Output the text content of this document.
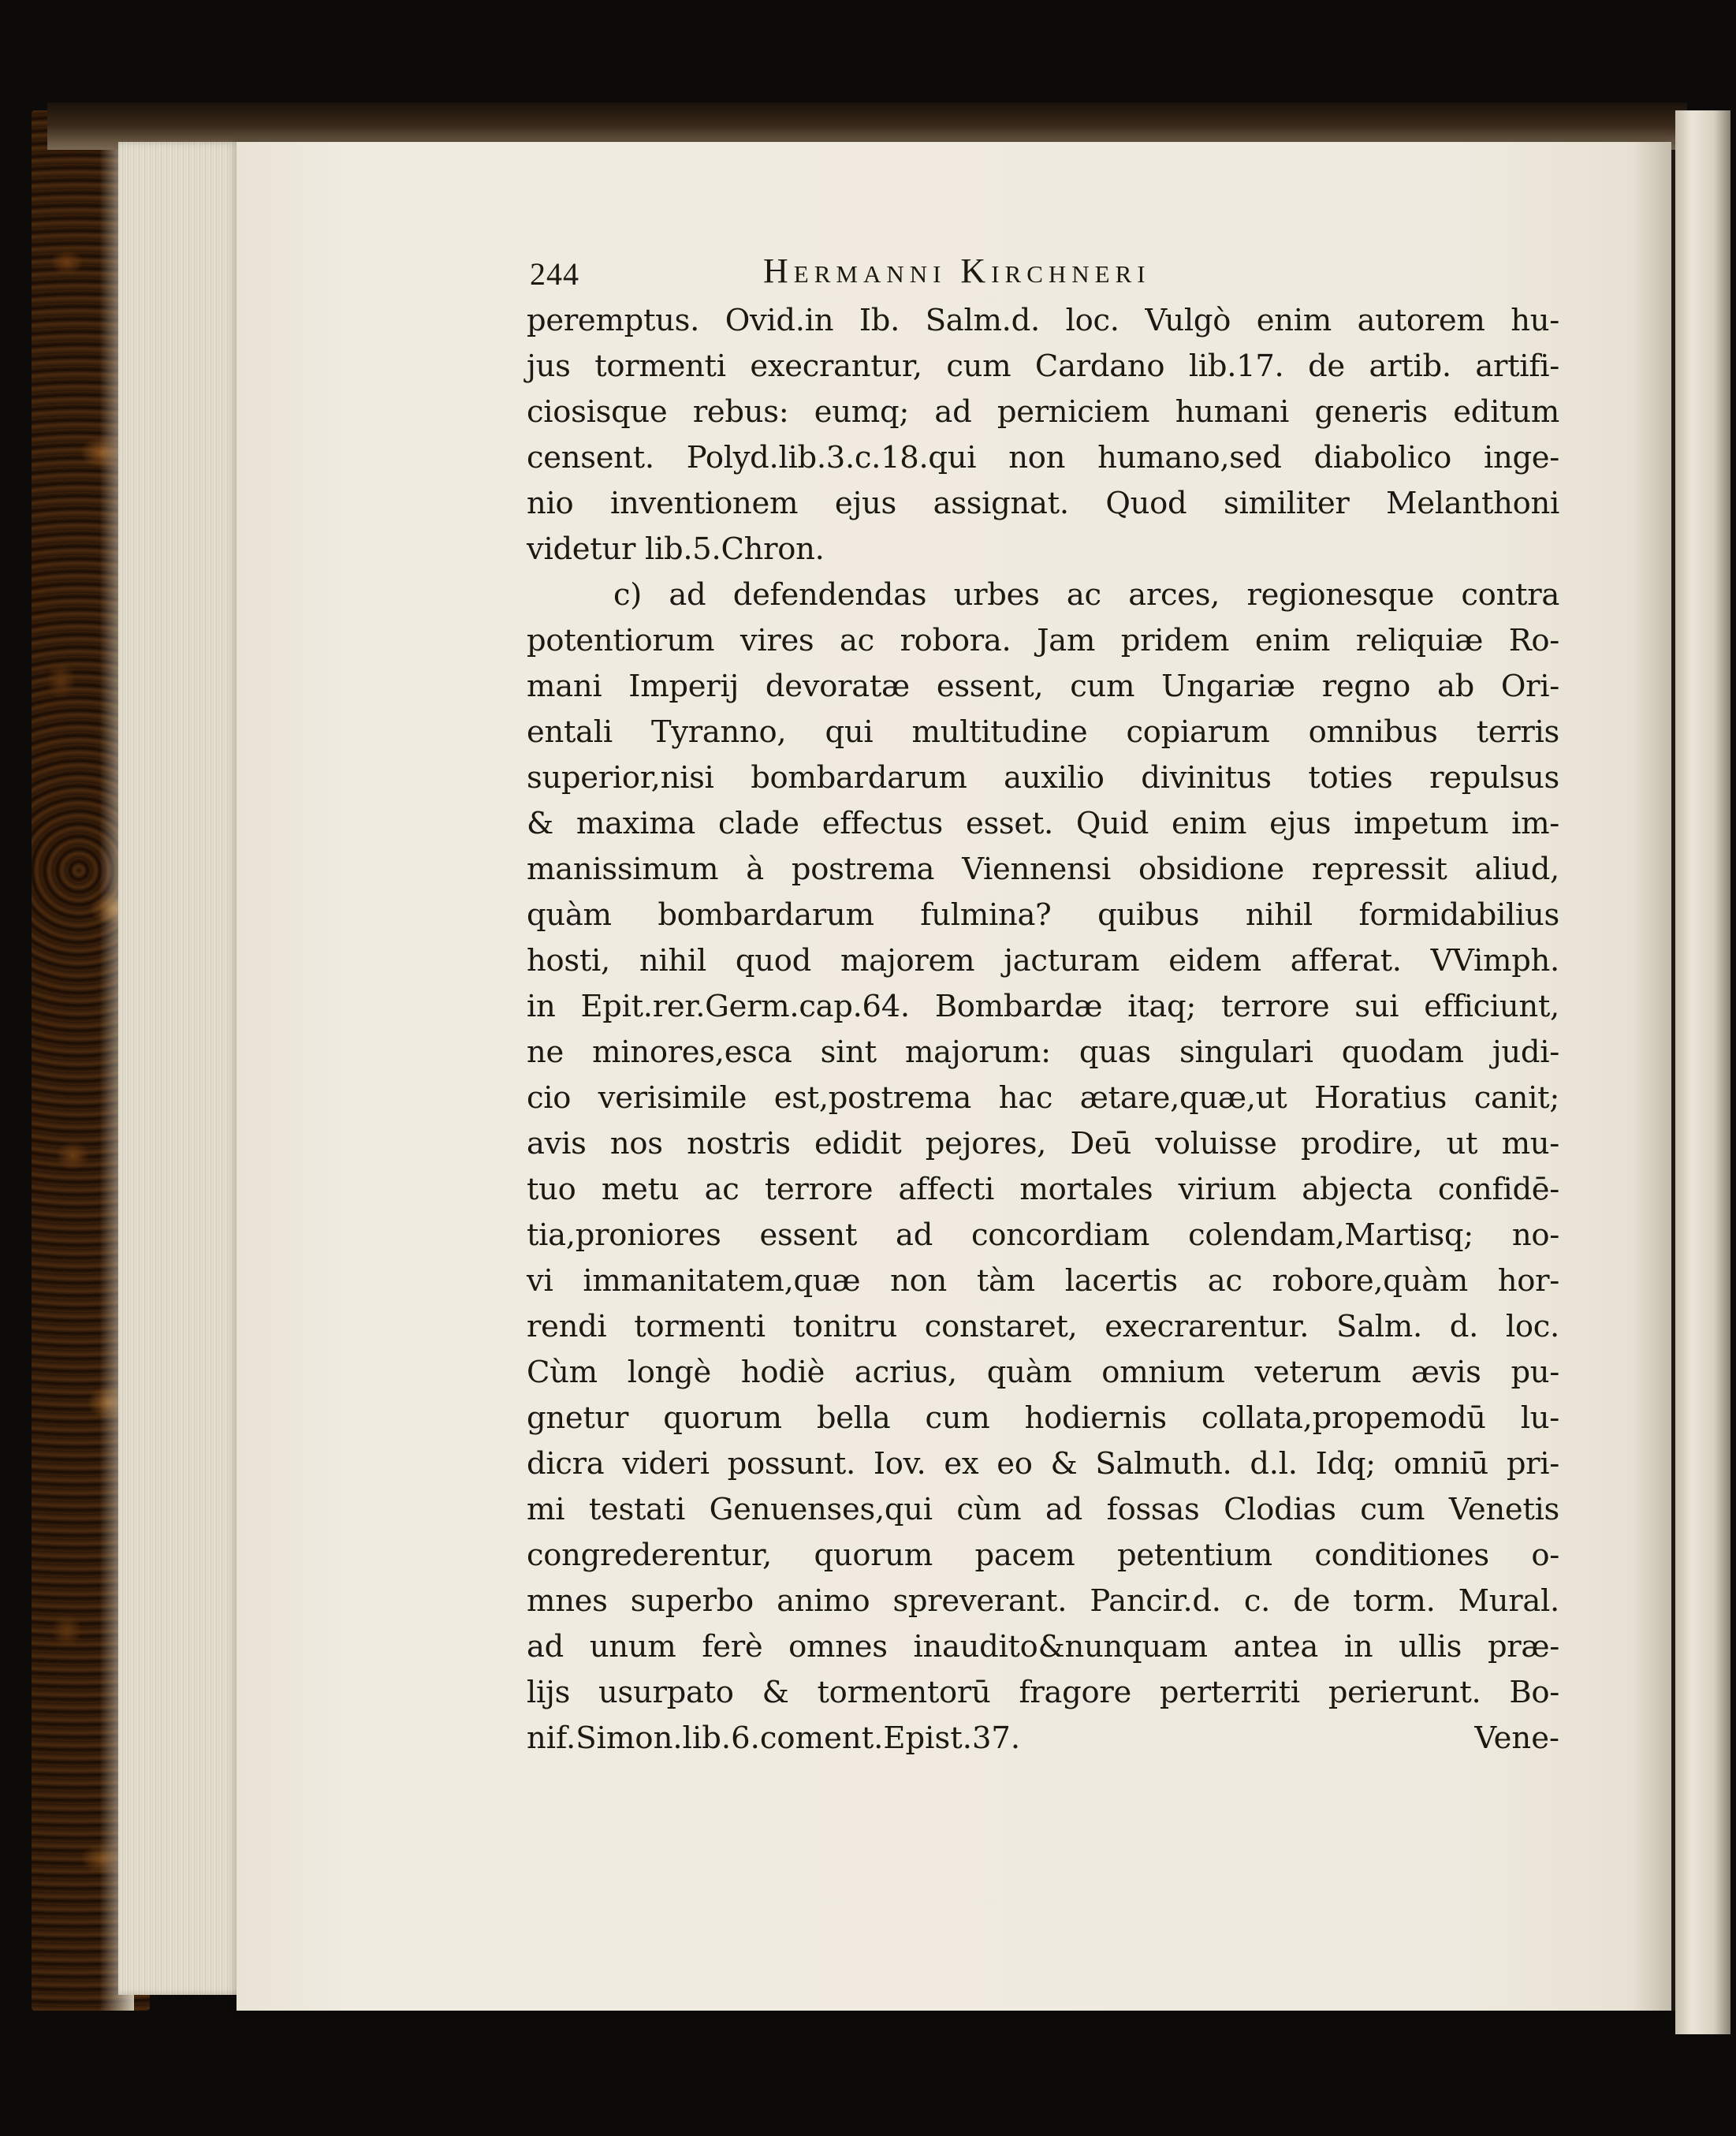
244	Hermanni Kirchneri
peremptus. Ovid.in Ib. Salm.d. loc. Vulgò enim autorem hu-
jus tormenti execrantur, cum Cardano lib.17. de artib. artifi-
ciosisque rebus: eumq; ad perniciem humani generis editum
censent. Polyd.lib.3.c.18.qui non humano,sed diabolico inge-
nio inventionem ejus assignat. Quod similiter Melanthoni
videtur lib.5.Chron.
c) ad defendendas urbes ac arces, regionesque contra
potentiorum vires ac robora. Jam pridem enim reliquiæ Ro-
mani Imperij devoratæ essent, cum Ungariæ regno ab Ori-
entali Tyranno, qui multitudine copiarum omnibus terris
superior,nisi bombardarum auxilio divinitus toties repulsus
& maxima clade effectus esset. Quid enim ejus impetum im-
manissimum à postrema Viennensi obsidione repressit aliud,
quàm bombardarum fulmina? quibus nihil formidabilius
hosti, nihil quod majorem jacturam eidem afferat. VVimph.
in Epit.rer.Germ.cap.64. Bombardæ itaq; terrore sui efficiunt,
ne minores,esca sint majorum: quas singulari quodam judi-
cio verisimile est,postrema hac ætare,quæ,ut Horatius canit;
avis nos nostris edidit pejores, Deū voluisse prodire, ut mu-
tuo metu ac terrore affecti mortales virium abjecta confidē-
tia,proniores essent ad concordiam colendam,Martisq; no-
vi immanitatem,quæ non tàm lacertis ac robore,quàm hor-
rendi tormenti tonitru constaret, execrarentur. Salm. d. loc.
Cùm longè hodiè acrius, quàm omnium veterum ævis pu-
gnetur quorum bella cum hodiernis collata,propemodū lu-
dicra videri possunt. Iov. ex eo & Salmuth. d.l. Idq; omniū pri-
mi testati Genuenses,qui cùm ad fossas Clodias cum Venetis
congrederentur, quorum pacem petentium conditiones o-
mnes superbo animo spreverant. Pancir.d. c. de torm. Mural.
ad unum ferè omnes inaudito&nunquam antea in ullis præ-
lijs usurpato & tormentorū fragore perterriti perierunt. Bo-
nif.Simon.lib.6.coment.Epist.37.	Vene-
